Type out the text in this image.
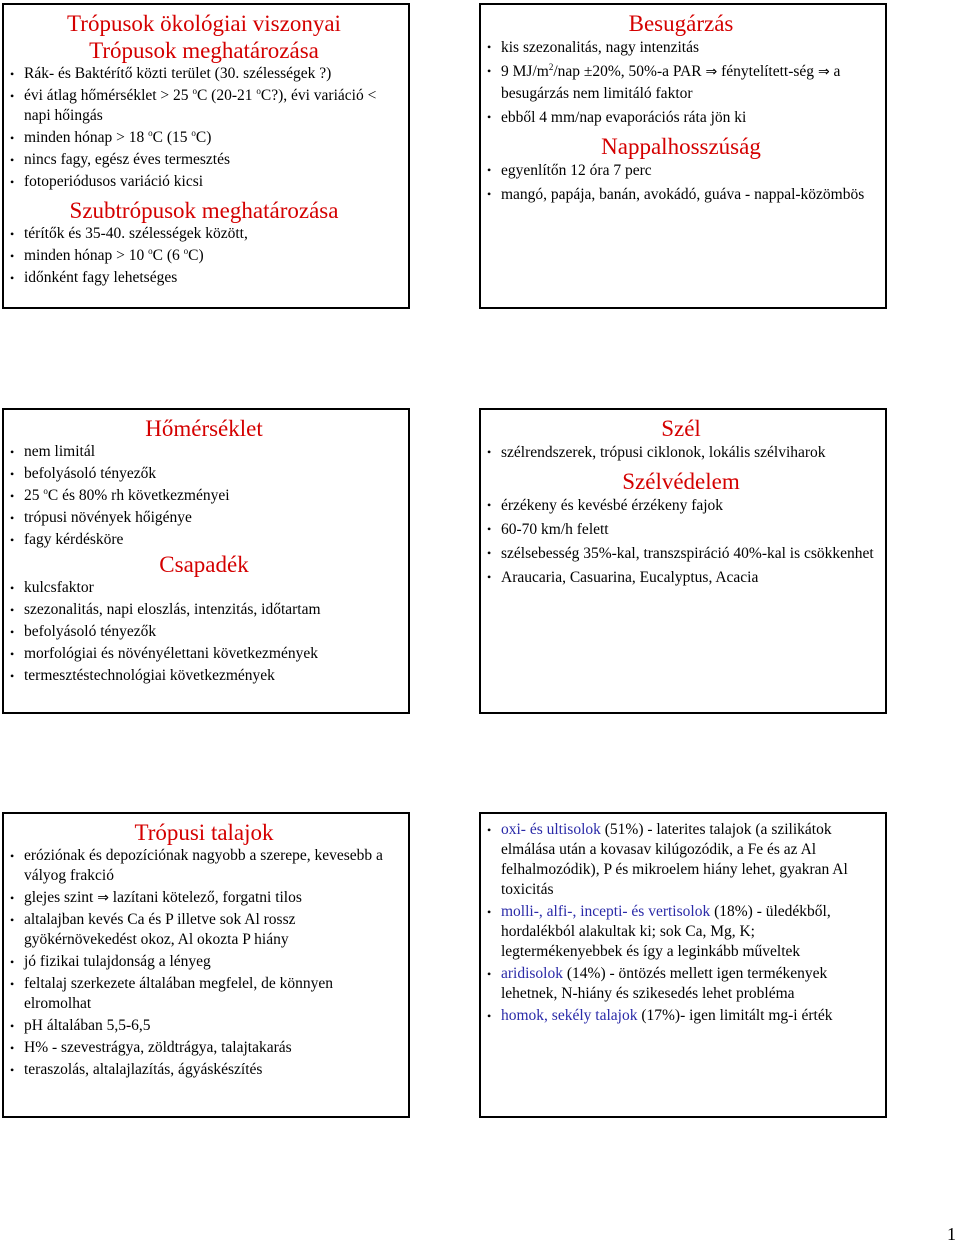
Trópusok ökológiai viszonyai
Trópusok meghatározása
• Rák- és Baktérítő közti terület (30. szélességek ?)
• évi átlag hőmérséklet > 25 $^o$C (20-21 $^o$C?), évi variáció < napi hőingás
• minden hónap > 18 $^o$C (15 $^o$C)
• nincs fagy, egész éves termesztés
• fotoperiódusos variáció kicsi
Szubtrópusok meghatározása
• térítők és 35-40. szélességek között,
• minden hónap > 10 $^o$C (6 $^o$C)
• időnként fagy lehetséges
Besugárzás
• kis szezonalitás, nagy intenzitás
• 9 $MJ/m^2$/nap ±20%, 50%-a PAR ⇒ fénytelített-ség ⇒ a besugárzás nem limitáló faktor
• ebből 4 mm/nap evaporációs ráta jön ki
Nappalhosszúság
• egyenlítőn 12 óra 7 perc
• mangó, papája, banán, avokádó, guáva - nappal-közömbös
Hőmérséklet
• nem limitál
• befolyásoló tényezők
• 25 $^o$C és 80% rh következményei
• trópusi növények hőigénye
• fagy kérdésköre
Csapadék
• kulcsfaktor
• szezonalitás, napi eloszlás, intenzitás, időtartam
• befolyásoló tényezők
• morfológiai és növényélettani következmények
• termesztéstechnológiai következmények
Szél
• szélrendszerek, trópusi ciklonok, lokális szélviharok
Szélvédelem
• érzékeny és kevésbé érzékeny fajok
• 60-70 km/h felett
• szélsebesség 35%-kal, transzspiráció 40%-kal is csökkenhet
• Araucaria, Casuarina, Eucalyptus, Acacia
Trópusi talajok
• eróziónak és depozíciónak nagyobb a szerepe, kevesebb a vályog frakció
• glejes szint ⇒ lazítani kötelező, forgatni tilos
• altalajban kevés Ca és P illetve sok Al rossz gyökérnövekedést okoz, Al okozta P hiány
• jó fizikai tulajdonság a lényeg
• feltalaj szerkezete általában megfelel, de könnyen elromolhat
• pH általában 5,5-6,5
• H% - szevestrágya, zöldtrágya, talajtakarás
• teraszolás, altalajlazítás, ágyáskészítés
• oxi- és ultisolok (51%) - laterites talajok (a szilikátok elmálása után a kovasav kilúgozódik, a Fe és az Al felhalmozódik), P és mikroelem hiány lehet, gyakran Al toxicitás
• molli-, alfi-, incepti- és vertisolok (18%) - üledékből, hordalékból alakultak ki; sok Ca, Mg, K; legtermékenyebbek és így a leginkább műveltek
• aridisolok (14%) - öntözés mellett igen termékenyek lehetnek, N-hiány és szikesedés lehet probléma
• homok, sekély talajok (17%)- igen limitált mg-i érték
1
